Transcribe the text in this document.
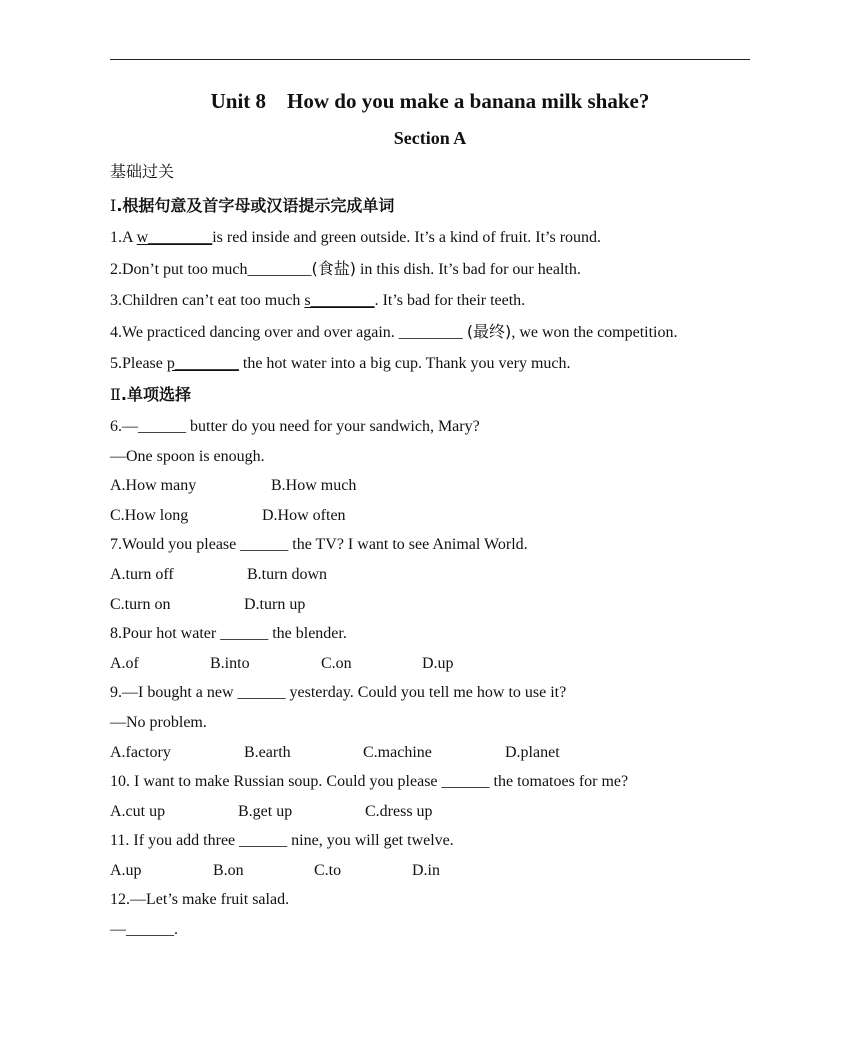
Unit 8    How do you make a banana milk shake?
Section A
基础过关
Ⅰ.根据句意及首字母或汉语提示完成单词
1.A w________is red inside and green outside. It’s a kind of fruit. It’s round.
2.Don’t put too much________(食盐) in this dish. It’s bad for our health.
3.Children can’t eat too much s________. It’s bad for their teeth.
4.We practiced dancing over and over again. ________ (最终), we won the competition.
5.Please p________ the hot water into a big cup. Thank you very much.
Ⅱ.单项选择
6.—______ butter do you need for your sandwich, Mary?
—One spoon is enough.
A.How many	B.How much
C.How long	D.How often
7.Would you please ______ the TV? I want to see Animal World.
A.turn off	B.turn down
C.turn on	D.turn up
8.Pour hot water ______ the blender.
A.of	B.into	C.on	D.up
9.—I bought a new ______ yesterday. Could you tell me how to use it?
—No problem.
A.factory	B.earth	C.machine	D.planet
10. I want to make Russian soup. Could you please ______ the tomatoes for me?
A.cut up	B.get up	C.dress up
11. If you add three ______ nine, you will get twelve.
A.up	B.on	C.to	D.in
12.—Let’s make fruit salad.
—______.
